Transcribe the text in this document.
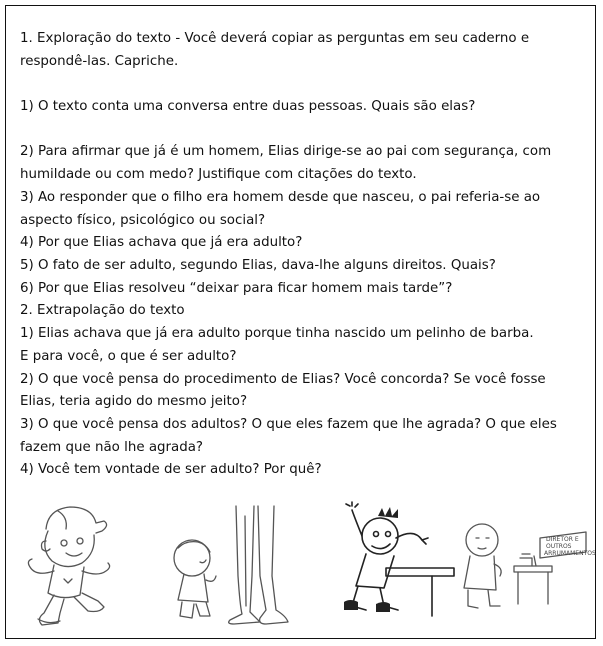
1. Exploração do texto - Você deverá copiar as perguntas em seu caderno e

respondê-las. Capriche.

1) O texto conta uma conversa entre duas pessoas. Quais são elas?

2) Para afirmar que já é um homem, Elias dirige-se ao pai com segurança, com

humildade ou com medo? Justifique com citações do texto.

3) Ao responder que o filho era homem desde que nasceu, o pai referia-se ao

aspecto físico, psicológico ou social?

4) Por que Elias achava que já era adulto?

5) O fato de ser adulto, segundo Elias, dava-lhe alguns direitos. Quais?

6) Por que Elias resolveu “deixar para ficar homem mais tarde”?

2. Extrapolação do texto

1) Elias achava que já era adulto porque tinha nascido um pelinho de barba.

E para você, o que é ser adulto?

2) O que você pensa do procedimento de Elias? Você concorda? Se você fosse

Elias, teria agido do mesmo jeito?

3) O que você pensa dos adultos? O que eles fazem que lhe agrada? O que eles

fazem que não lhe agrada?

4) Você tem vontade de ser adulto? Por quê?

DIRETOR E
OUTROS
ARRUMAMENTOS
